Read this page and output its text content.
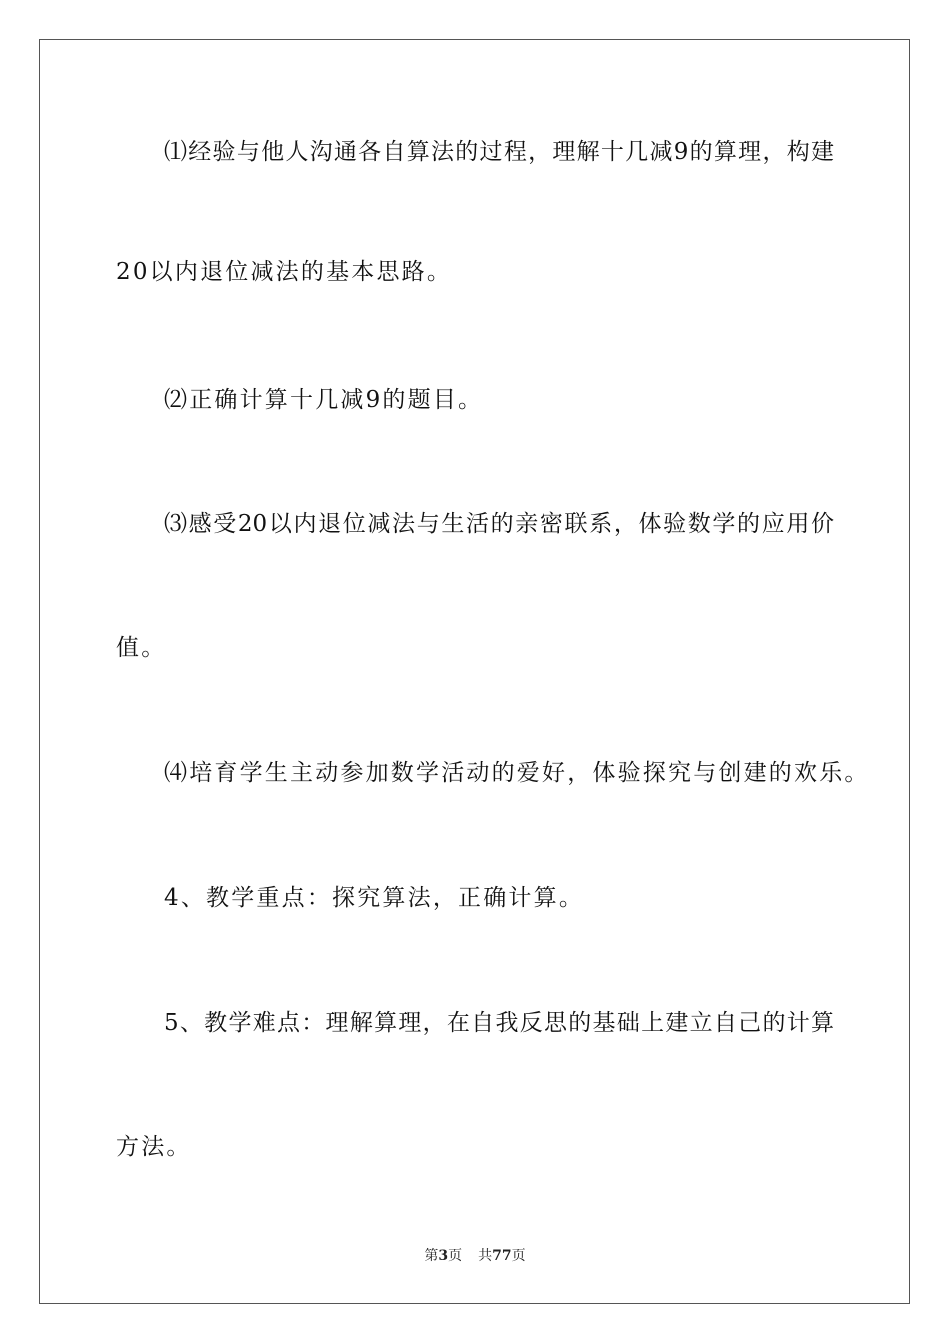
⑴经验与他人沟通各自算法的过程，理解十几减9的算理，构建
20以内退位减法的基本思路。
⑵正确计算十几减9的题目。
⑶感受20以内退位减法与生活的亲密联系，体验数学的应用价
值。
⑷培育学生主动参加数学活动的爱好，体验探究与创建的欢乐。
4、教学重点：探究算法，正确计算。
5、教学难点：理解算理，在自我反思的基础上建立自己的计算
方法。
第3页 共77页
